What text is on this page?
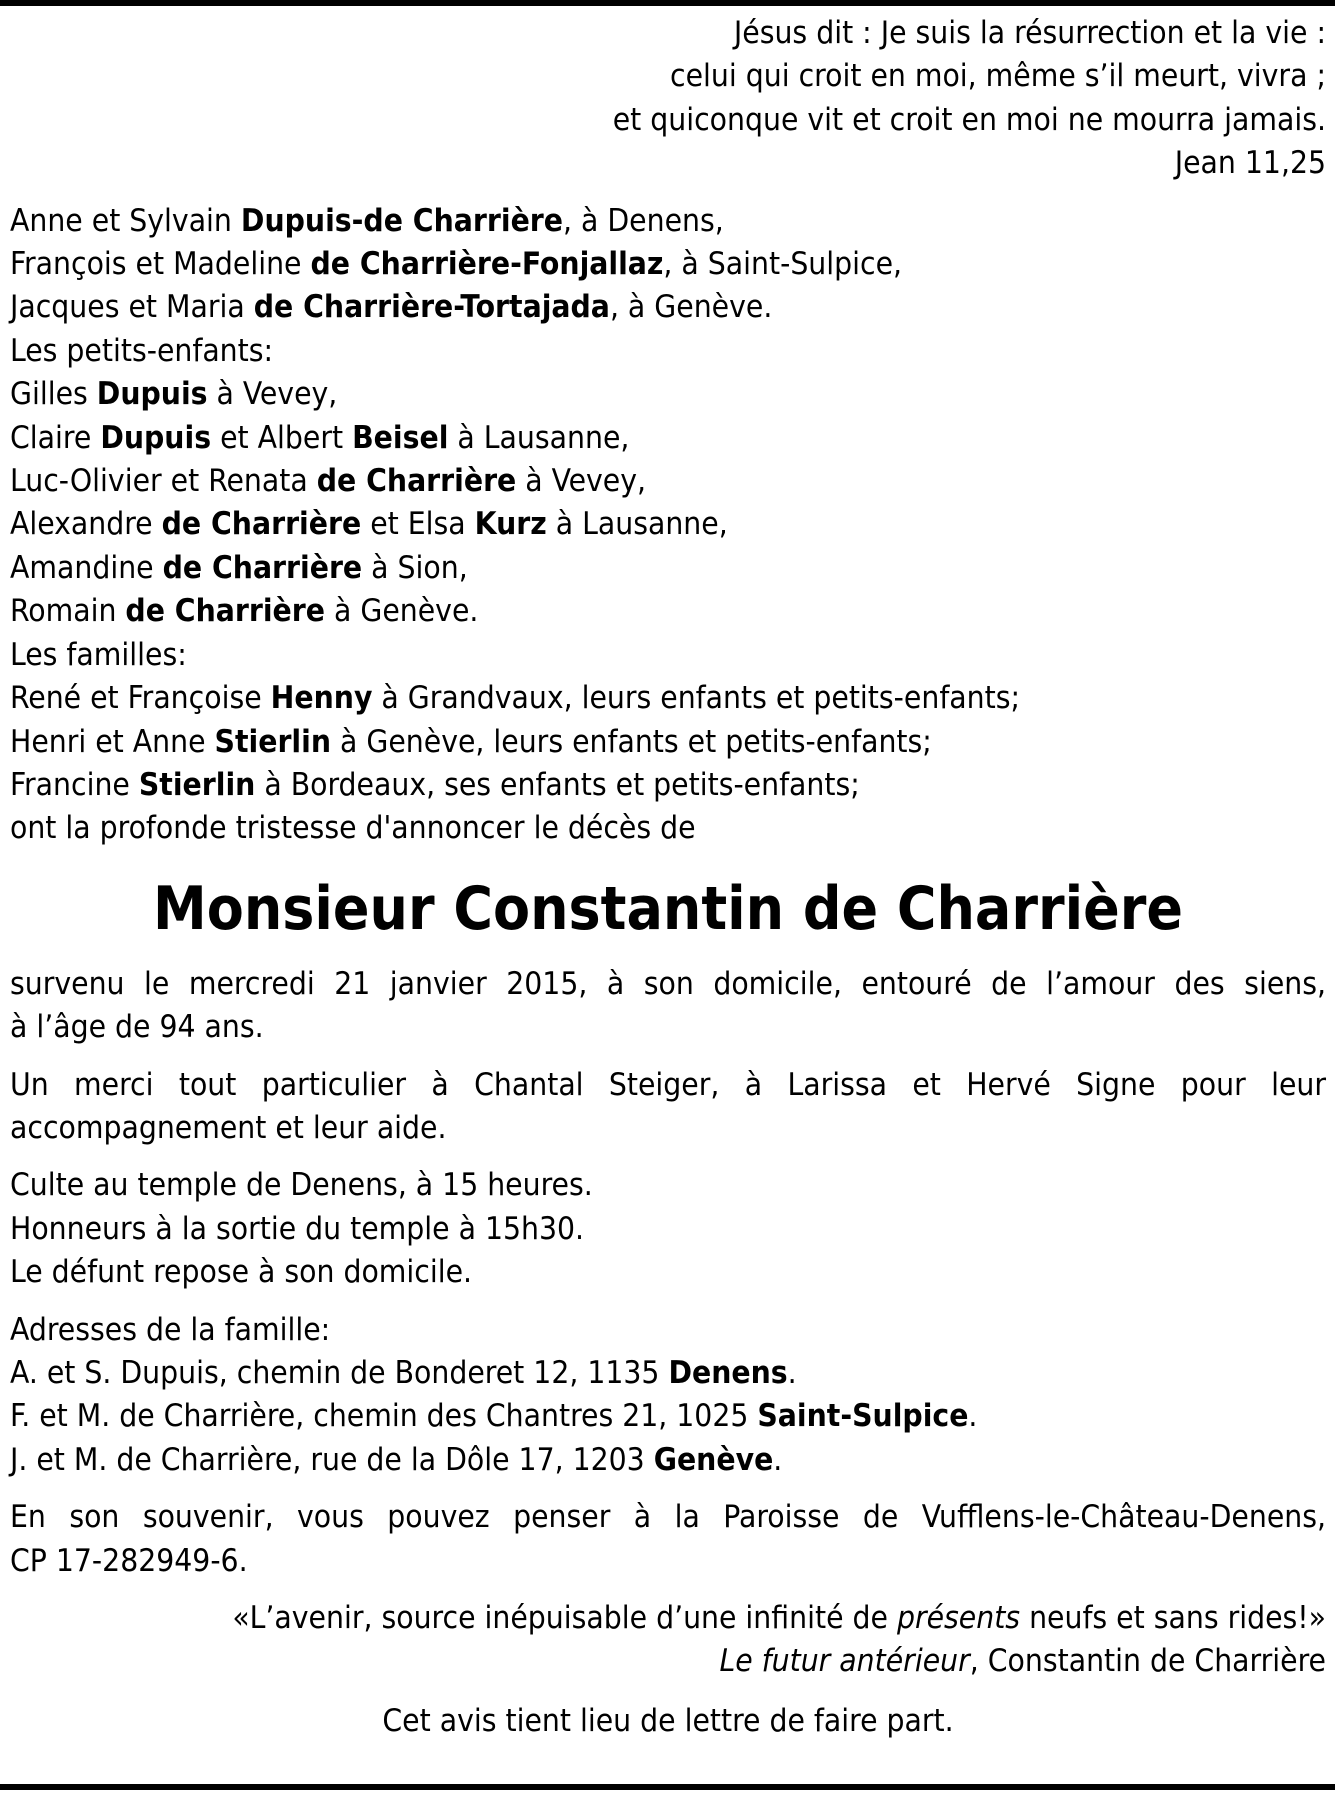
Jésus dit : Je suis la résurrection et la vie :
celui qui croit en moi, même s’il meurt, vivra ;
et quiconque vit et croit en moi ne mourra jamais.
Jean 11,25
Anne et Sylvain Dupuis-de Charrière, à Denens,
François et Madeline de Charrière-Fonjallaz, à Saint-Sulpice,
Jacques et Maria de Charrière-Tortajada, à Genève.
Les petits-enfants:
Gilles Dupuis à Vevey,
Claire Dupuis et Albert Beisel à Lausanne,
Luc-Olivier et Renata de Charrière à Vevey,
Alexandre de Charrière et Elsa Kurz à Lausanne,
Amandine de Charrière à Sion,
Romain de Charrière à Genève.
Les familles:
René et Françoise Henny à Grandvaux, leurs enfants et petits-enfants;
Henri et Anne Stierlin à Genève, leurs enfants et petits-enfants;
Francine Stierlin à Bordeaux, ses enfants et petits-enfants;
ont la profonde tristesse d'annoncer le décès de
Monsieur Constantin de Charrière
survenu le mercredi 21 janvier 2015, à son domicile, entouré de l’amour des siens,
à l’âge de 94 ans.
Un merci tout particulier à Chantal Steiger, à Larissa et Hervé Signe pour leur
accompagnement et leur aide.
Culte au temple de Denens, à 15 heures.
Honneurs à la sortie du temple à 15h30.
Le défunt repose à son domicile.
Adresses de la famille:
A. et S. Dupuis, chemin de Bonderet 12, 1135 Denens.
F. et M. de Charrière, chemin des Chantres 21, 1025 Saint-Sulpice.
J. et M. de Charrière, rue de la Dôle 17, 1203 Genève.
En son souvenir, vous pouvez penser à la Paroisse de Vufflens-le-Château-Denens,
CP 17-282949-6.
«L’avenir, source inépuisable d’une infinité de présents neufs et sans rides!»
Le futur antérieur, Constantin de Charrière
Cet avis tient lieu de lettre de faire part.
